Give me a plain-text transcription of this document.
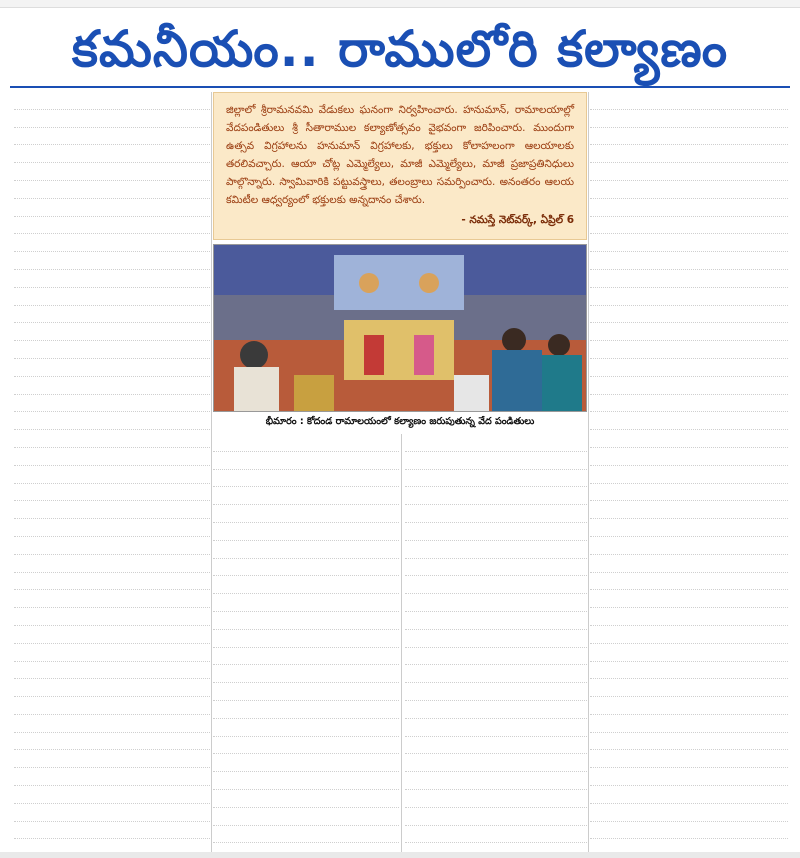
కమనీయం.. రాములోరి కల్యాణం
జిల్లాలో శ్రీరామనవమి వేడుకలు ఘనంగా నిర్వహించారు. హనుమాన్, రామాలయాల్లో వేదపండితులు శ్రీ సీతారాముల కల్యాణోత్సవం వైభవంగా జరిపించారు. ముందుగా ఉత్సవ విగ్రహాలను హనుమాన్ విగ్రహాలకు, భక్తులు కోలాహలంగా ఆలయాలకు తరలివచ్చారు. ఆయా చోట్ల ఎమ్మెల్యేలు, మాజీ ఎమ్మెల్యేలు, మాజీ ప్రజాప్రతినిధులు పాల్గొన్నారు. స్వామివారికి పట్టువస్త్రాలు, తలంబ్రాలు సమర్పించారు. అనంతరం ఆలయ కమిటీల ఆధ్వర్యంలో భక్తులకు అన్నదానం చేశారు.
- నమస్తే నెట్‌వర్క్, ఏప్రిల్ 6
భీమారం : కోదండ రామాలయంలో కల్యాణం జరుపుతున్న వేద పండితులు
